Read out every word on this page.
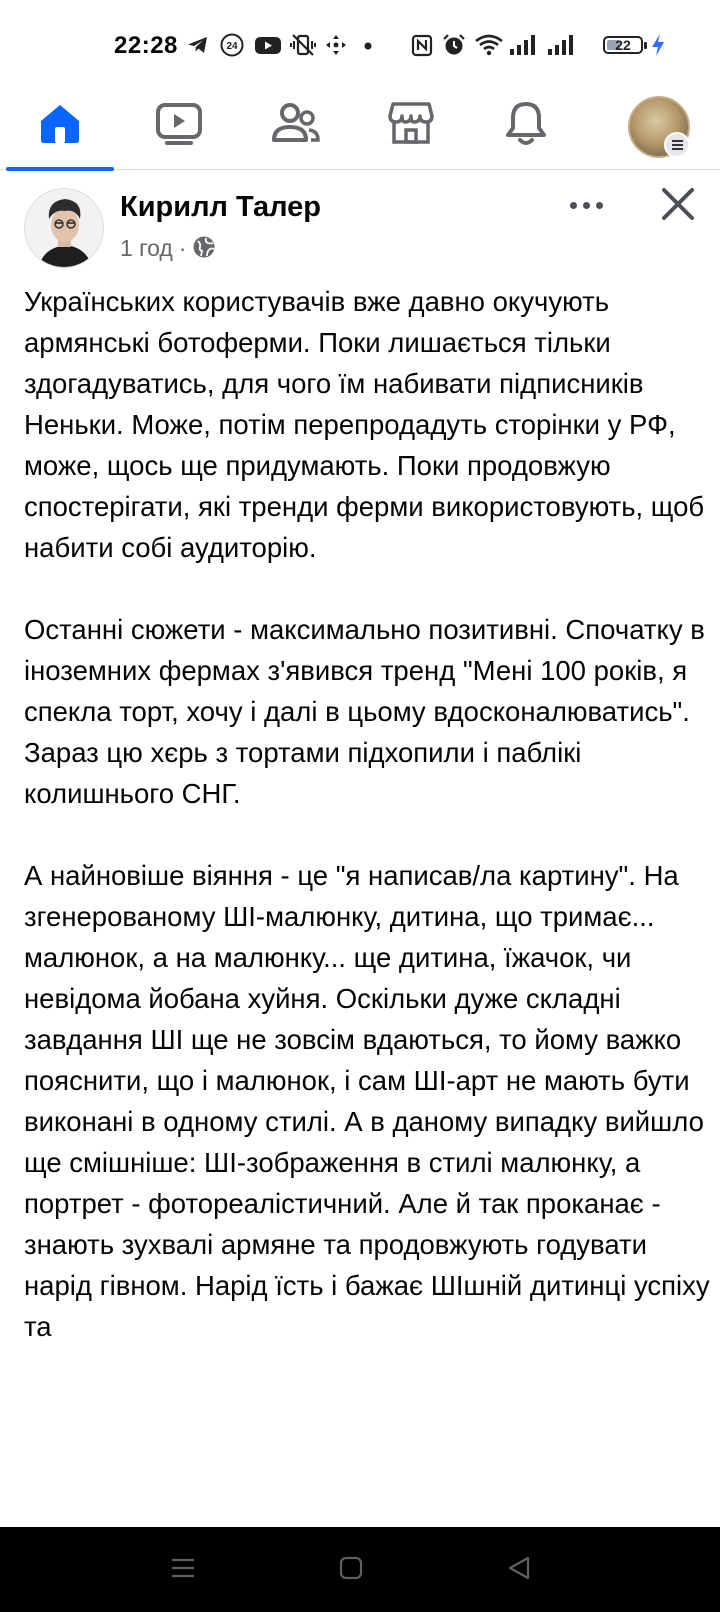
22:28	24	22
Кирилл Талер
1 год ·

Українських користувачів вже давно окучують армянські ботоферми. Поки лишається тільки здогадуватись, для чого їм набивати підписників Неньки. Може, потім перепродадуть сторінки у РФ, може, щось ще придумають. Поки продовжую спостерігати, які тренди ферми використовують, щоб набити собі аудиторію.

Останні сюжети - максимально позитивні. Спочатку в іноземних фермах з'явився тренд "Мені 100 років, я спекла торт, хочу і далі в цьому вдосконалюватись". Зараз цю хєрь з тортами підхопили і паблікі колишнього СНГ.

А найновіше віяння - це "я написав/ла картину". На згенерованому ШІ-малюнку, дитина, що тримає... малюнок, а на малюнку... ще дитина, їжачок, чи невідома йобана хуйня. Оскільки дуже складні завдання ШІ ще не зовсім вдаються, то йому важко пояснити, що і малюнок, і сам ШІ-арт не мають бути виконані в одному стилі. А в даному випадку вийшло ще смішніше: ШІ-зображення в стилі малюнку, а портрет - фотореалістичний. Але й так проканає - знають зухвалі армяне та продовжують годувати нарід гівном. Нарід їсть і бажає ШІшній дитинці успіху та
